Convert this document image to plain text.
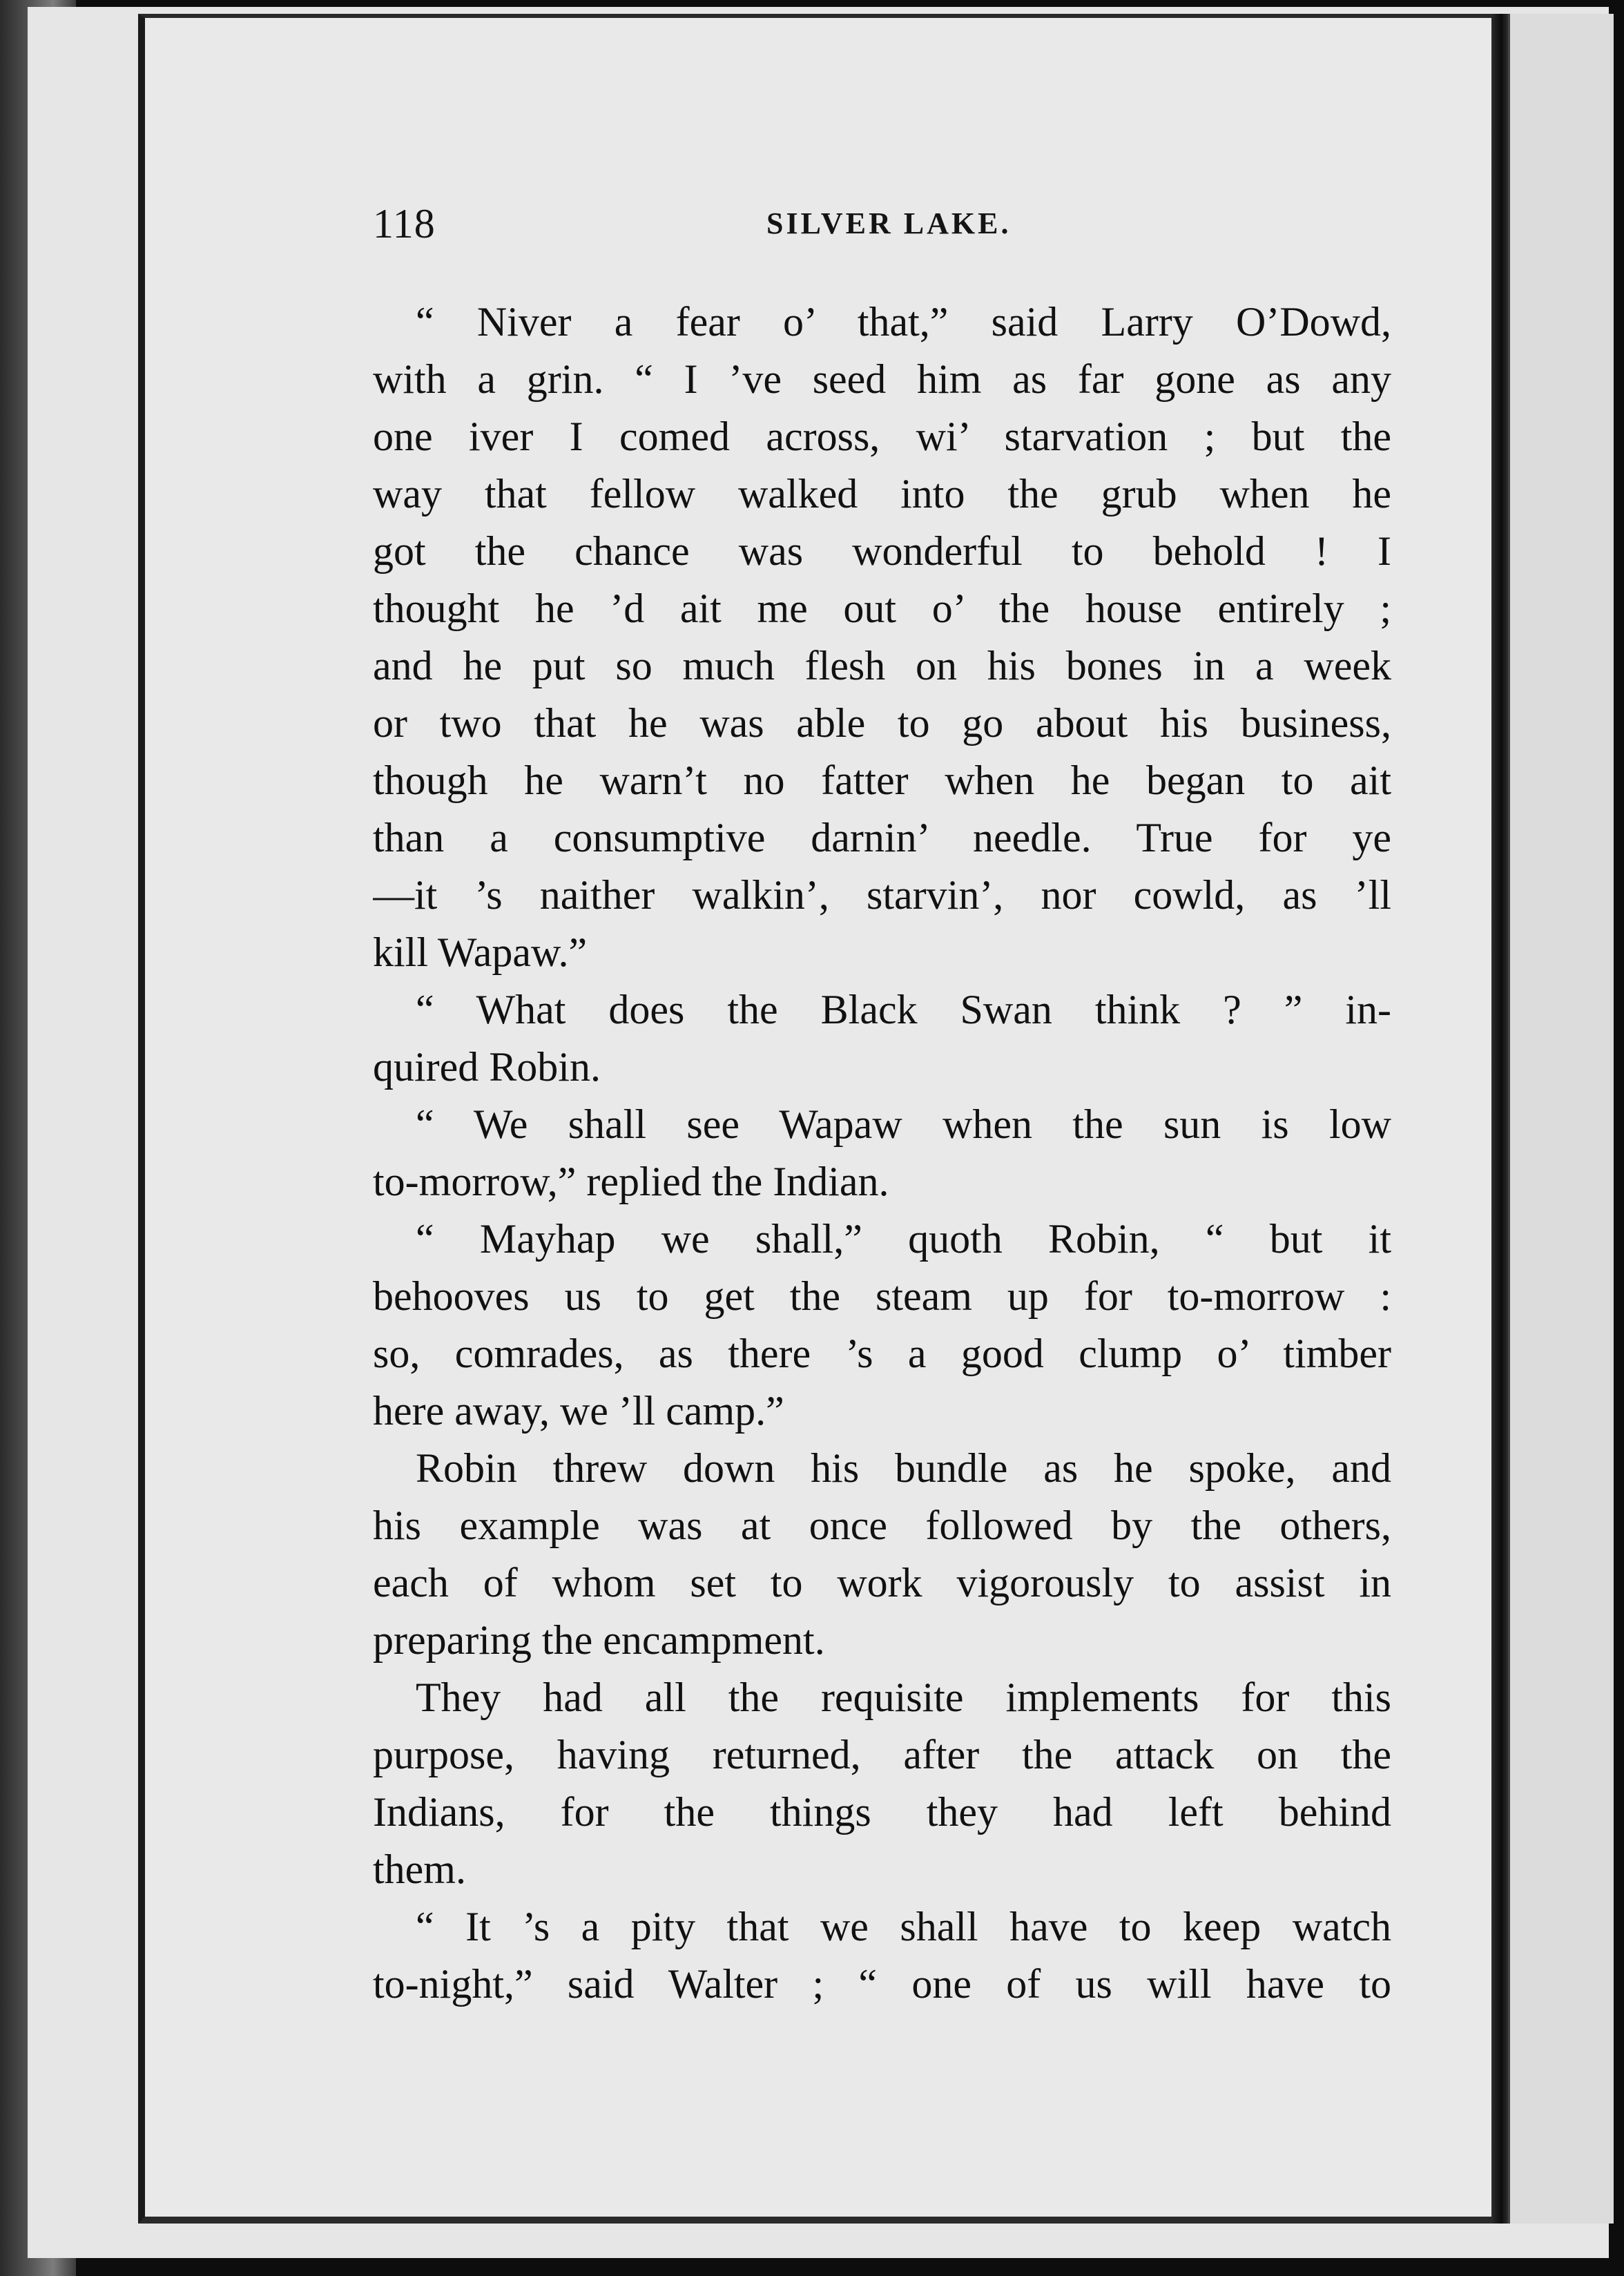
118	SILVER LAKE.
“ Niver a fear o’ that,” said Larry O’Dowd,
with a grin. “ I ’ve seed him as far gone as any
one iver I comed across, wi’ starvation ; but the
way that fellow walked into the grub when he
got the chance was wonderful to behold ! I
thought he ’d ait me out o’ the house entirely ;
and he put so much flesh on his bones in a week
or two that he was able to go about his business,
though he warn’t no fatter when he began to ait
than a consumptive darnin’ needle. True for ye
—it ’s naither walkin’, starvin’, nor cowld, as ’ll
kill Wapaw.”
“ What does the Black Swan think ? ” in-
quired Robin.
“ We shall see Wapaw when the sun is low
to-morrow,” replied the Indian.
“ Mayhap we shall,” quoth Robin, “ but it
behooves us to get the steam up for to-morrow :
so, comrades, as there ’s a good clump o’ timber
here away, we ’ll camp.”
Robin threw down his bundle as he spoke, and
his example was at once followed by the others,
each of whom set to work vigorously to assist in
preparing the encampment.
They had all the requisite implements for this
purpose, having returned, after the attack on the
Indians, for the things they had left behind
them.
“ It ’s a pity that we shall have to keep watch
to-night,” said Walter ; “ one of us will have to
